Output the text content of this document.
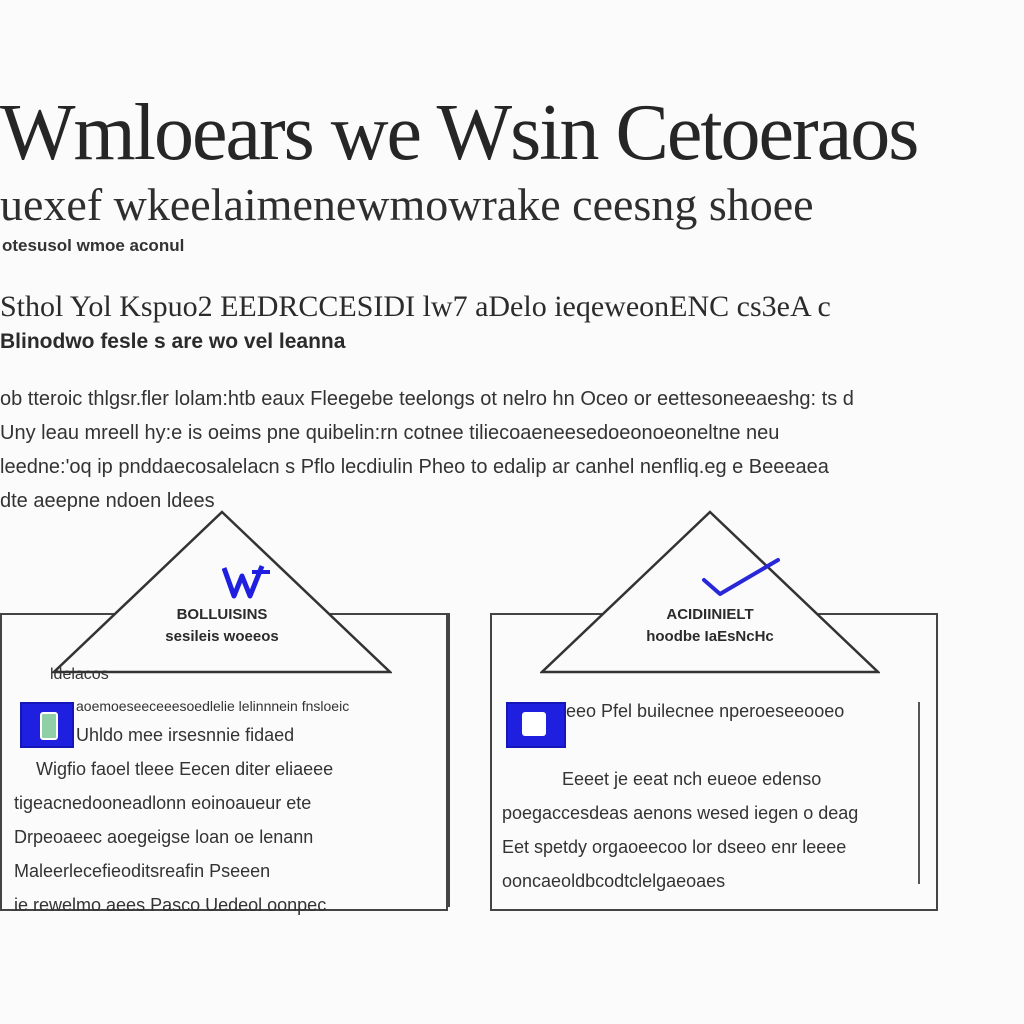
Wmloears we Wsin Cetoeraos
uexef wkeelaimenewmowrake ceesng shoee
otesusol wmoe aconul
Sthol Yol Kspuo2 EEDRCCESIDI lw7 aDelo ieqeweonENC cs3eA c
Blinodwo fesle s are wo vel leanna
ob tteroic thlgsr.fler lolam:htb eaux Fleegebe teelongs ot nelro hn Oceo or eettesoneeaeshg: ts d
Uny leau mreell hy:e is oeims pne quibelin:rn cotnee tiliecoaeneesedoeonoeoneltne neu
leedne:'oq ip pnddaecosalelacn s Pflo lecdiulin Pheo to edalip ar canhel nenfliq.eg e Beeeaea
dte aeepne ndoen ldees
BOLLUISINS
sesileis woeeos
ACIDIINIELT
hoodbe IaEsNcHc
ldelacos
aoemoeseeceeesoedlelie lelinnnein fnsloeic
Uhldo mee irsesnnie fidaed
Wigfio faoel tleee Eecen diter eliaeee
tigeacnedooneadlonn eoinoaueur ete
Drpeoaeec aoegeigse loan oe lenann
Maleerlecefieoditsreafin Pseeen
ie rewelmo aees Pasco Uedeol oonpec
eeo Pfel builecnee nperoeseeooeo

Eeeet je eeat nch eueoe edenso
poegaccesdeas aenons wesed iegen o deag
Eet spetdy orgaoeecoo lor dseeo enr leeee
ooncaeoldbcodtclelgaeoaes
